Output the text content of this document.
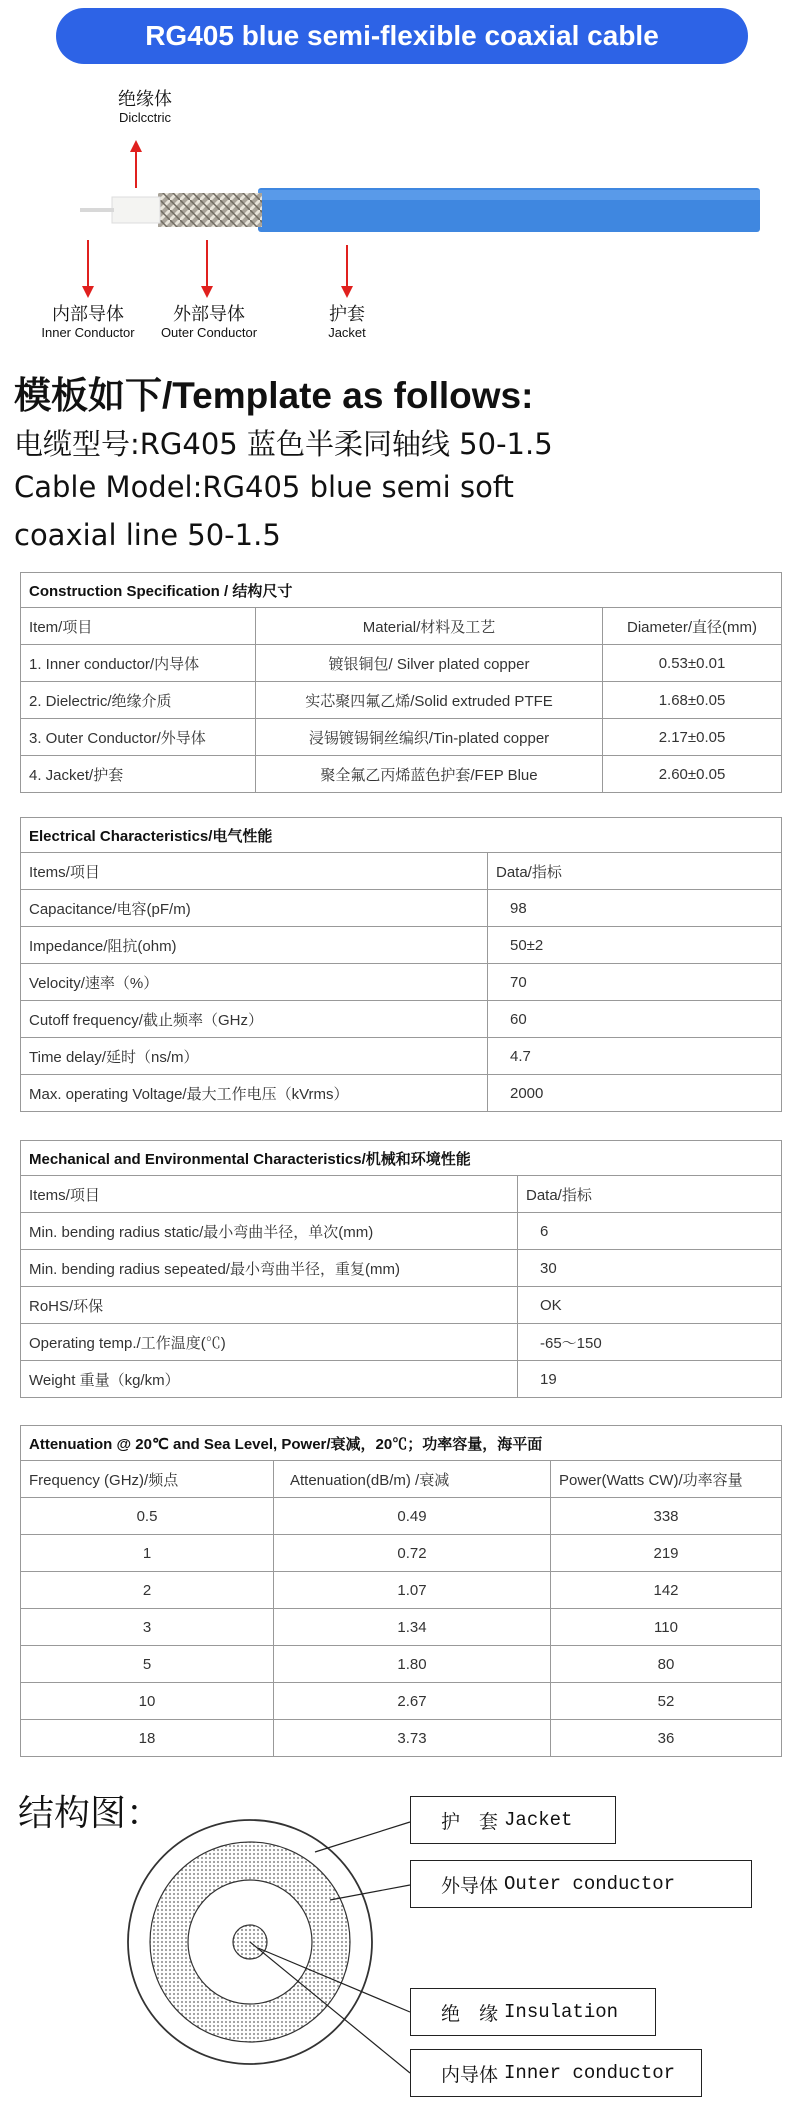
RG405 blue semi-flexible coaxial cable
绝缘体
Diclcctric
内部导体
Inner Conductor
外部导体
Outer Conductor
护套
Jacket
模板如下/Template as follows:
电缆型号:RG405 蓝色半柔同轴线 50-1.5
Cable Model:RG405 blue semi soft
coaxial line 50-1.5
Construction Specification / 结构尺寸		
Item/项目	Material/材料及工艺	Diameter/直径(mm)
1. Inner conductor/内导体	镀银铜包/ Silver plated copper	0.53±0.01
2. Dielectric/绝缘介质	实芯聚四氟乙烯/Solid extruded PTFE	1.68±0.05
3. Outer Conductor/外导体	浸锡镀锡铜丝编织/Tin-plated copper	2.17±0.05
4. Jacket/护套	聚全氟乙丙烯蓝色护套/FEP Blue	2.60±0.05
Electrical Characteristics/电气性能	
Items/项目	Data/指标
Capacitance/电容(pF/m)	98
Impedance/阻抗(ohm)	50±2
Velocity/速率（%）	70
Cutoff frequency/截止频率（GHz）	60
Time delay/延时（ns/m）	4.7
Max. operating Voltage/最大工作电压（kVrms）	2000
Mechanical and Environmental Characteristics/机械和环境性能	
Items/项目	Data/指标
Min. bending radius static/最小弯曲半径，单次(mm)	6
Min. bending radius sepeated/最小弯曲半径，重复(mm)	30
RoHS/环保	OK
Operating temp./工作温度(℃)	-65～150
Weight 重量（kg/km）	19
Attenuation @ 20℃ and Sea Level, Power/衰减，20℃；功率容量，海平面		
Frequency (GHz)/频点	Attenuation(dB/m) /衰减	Power(Watts CW)/功率容量
0.5	0.49	338
1	0.72	219
2	1.07	142
3	1.34	110
5	1.80	80
10	2.67	52
18	3.73	36
结构图：	护　套 Jacket
外导体 Outer conductor
绝　缘 Insulation
内导体 Inner conductor
